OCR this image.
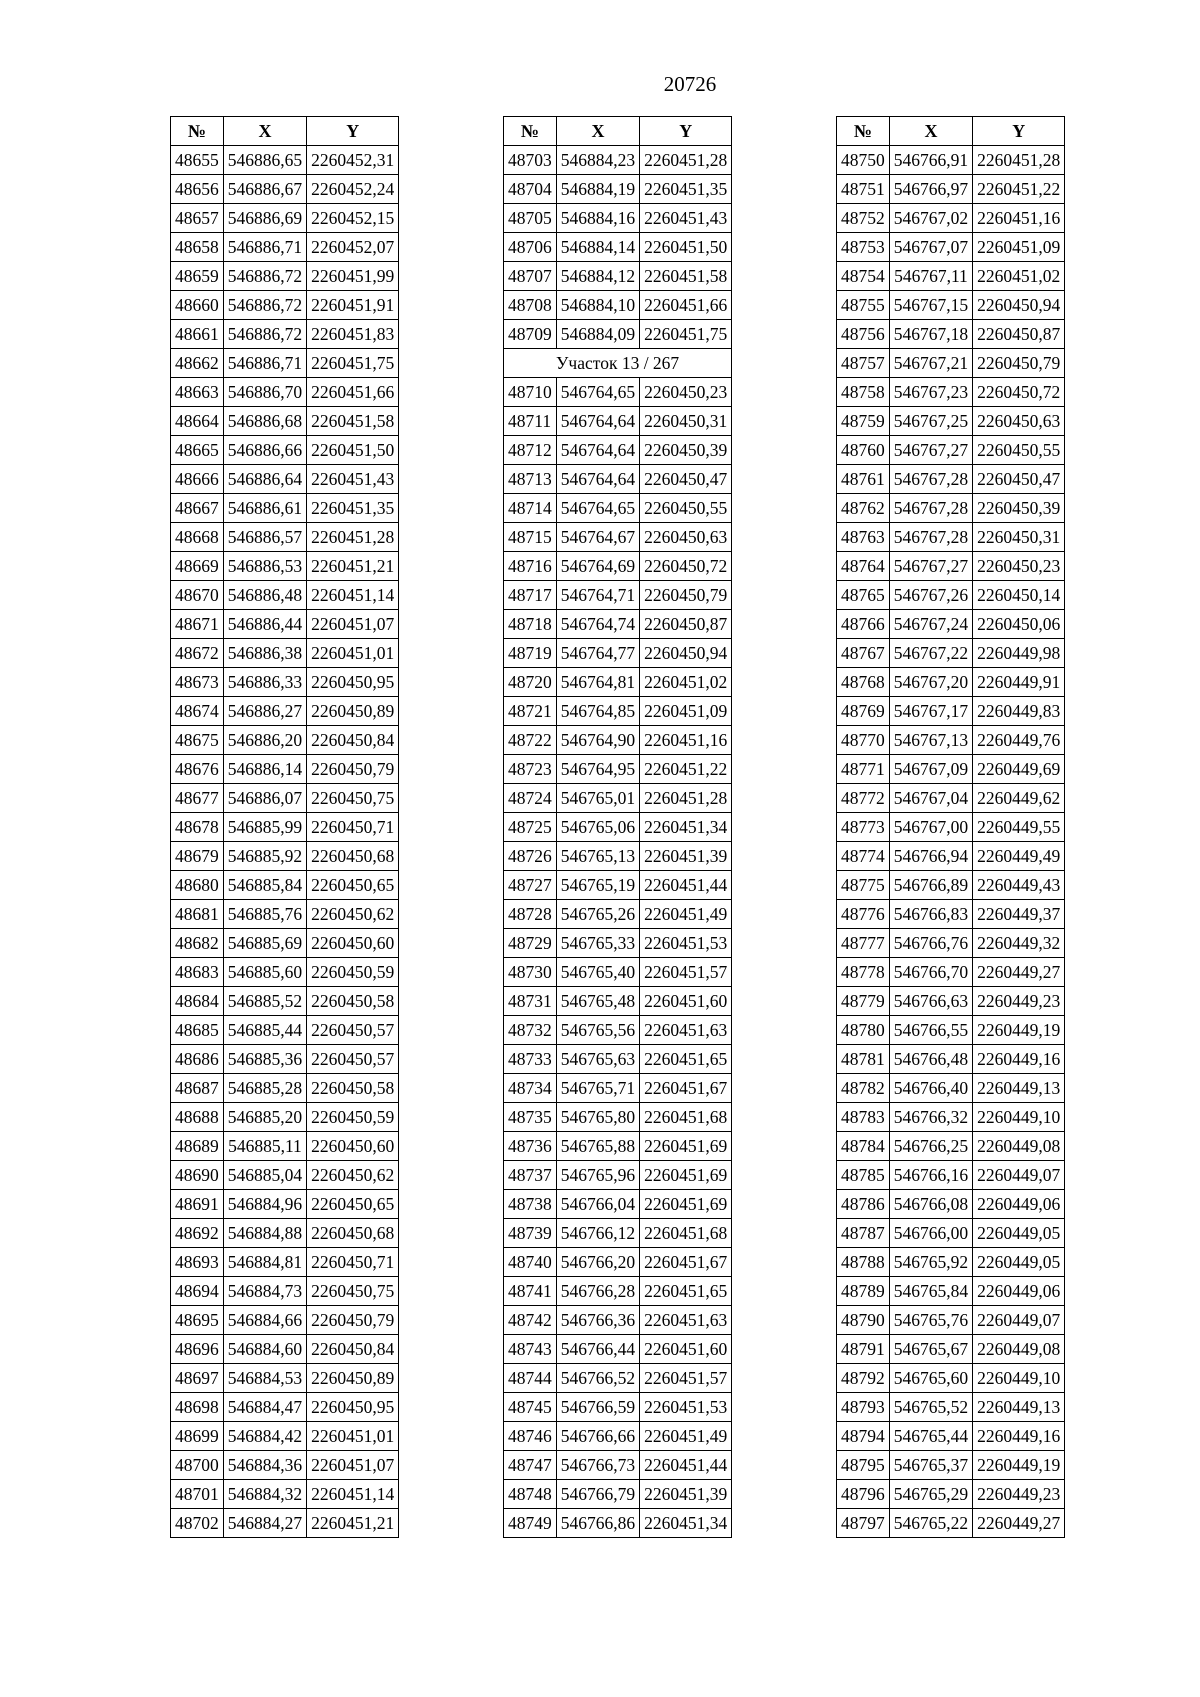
20726
№	X	Y
48655	546886,65	2260452,31
48656	546886,67	2260452,24
48657	546886,69	2260452,15
48658	546886,71	2260452,07
48659	546886,72	2260451,99
48660	546886,72	2260451,91
48661	546886,72	2260451,83
48662	546886,71	2260451,75
48663	546886,70	2260451,66
48664	546886,68	2260451,58
48665	546886,66	2260451,50
48666	546886,64	2260451,43
48667	546886,61	2260451,35
48668	546886,57	2260451,28
48669	546886,53	2260451,21
48670	546886,48	2260451,14
48671	546886,44	2260451,07
48672	546886,38	2260451,01
48673	546886,33	2260450,95
48674	546886,27	2260450,89
48675	546886,20	2260450,84
48676	546886,14	2260450,79
48677	546886,07	2260450,75
48678	546885,99	2260450,71
48679	546885,92	2260450,68
48680	546885,84	2260450,65
48681	546885,76	2260450,62
48682	546885,69	2260450,60
48683	546885,60	2260450,59
48684	546885,52	2260450,58
48685	546885,44	2260450,57
48686	546885,36	2260450,57
48687	546885,28	2260450,58
48688	546885,20	2260450,59
48689	546885,11	2260450,60
48690	546885,04	2260450,62
48691	546884,96	2260450,65
48692	546884,88	2260450,68
48693	546884,81	2260450,71
48694	546884,73	2260450,75
48695	546884,66	2260450,79
48696	546884,60	2260450,84
48697	546884,53	2260450,89
48698	546884,47	2260450,95
48699	546884,42	2260451,01
48700	546884,36	2260451,07
48701	546884,32	2260451,14
48702	546884,27	2260451,21
№	X	Y
48703	546884,23	2260451,28
48704	546884,19	2260451,35
48705	546884,16	2260451,43
48706	546884,14	2260451,50
48707	546884,12	2260451,58
48708	546884,10	2260451,66
48709	546884,09	2260451,75
Участок 13 / 267		
48710	546764,65	2260450,23
48711	546764,64	2260450,31
48712	546764,64	2260450,39
48713	546764,64	2260450,47
48714	546764,65	2260450,55
48715	546764,67	2260450,63
48716	546764,69	2260450,72
48717	546764,71	2260450,79
48718	546764,74	2260450,87
48719	546764,77	2260450,94
48720	546764,81	2260451,02
48721	546764,85	2260451,09
48722	546764,90	2260451,16
48723	546764,95	2260451,22
48724	546765,01	2260451,28
48725	546765,06	2260451,34
48726	546765,13	2260451,39
48727	546765,19	2260451,44
48728	546765,26	2260451,49
48729	546765,33	2260451,53
48730	546765,40	2260451,57
48731	546765,48	2260451,60
48732	546765,56	2260451,63
48733	546765,63	2260451,65
48734	546765,71	2260451,67
48735	546765,80	2260451,68
48736	546765,88	2260451,69
48737	546765,96	2260451,69
48738	546766,04	2260451,69
48739	546766,12	2260451,68
48740	546766,20	2260451,67
48741	546766,28	2260451,65
48742	546766,36	2260451,63
48743	546766,44	2260451,60
48744	546766,52	2260451,57
48745	546766,59	2260451,53
48746	546766,66	2260451,49
48747	546766,73	2260451,44
48748	546766,79	2260451,39
48749	546766,86	2260451,34
№	X	Y
48750	546766,91	2260451,28
48751	546766,97	2260451,22
48752	546767,02	2260451,16
48753	546767,07	2260451,09
48754	546767,11	2260451,02
48755	546767,15	2260450,94
48756	546767,18	2260450,87
48757	546767,21	2260450,79
48758	546767,23	2260450,72
48759	546767,25	2260450,63
48760	546767,27	2260450,55
48761	546767,28	2260450,47
48762	546767,28	2260450,39
48763	546767,28	2260450,31
48764	546767,27	2260450,23
48765	546767,26	2260450,14
48766	546767,24	2260450,06
48767	546767,22	2260449,98
48768	546767,20	2260449,91
48769	546767,17	2260449,83
48770	546767,13	2260449,76
48771	546767,09	2260449,69
48772	546767,04	2260449,62
48773	546767,00	2260449,55
48774	546766,94	2260449,49
48775	546766,89	2260449,43
48776	546766,83	2260449,37
48777	546766,76	2260449,32
48778	546766,70	2260449,27
48779	546766,63	2260449,23
48780	546766,55	2260449,19
48781	546766,48	2260449,16
48782	546766,40	2260449,13
48783	546766,32	2260449,10
48784	546766,25	2260449,08
48785	546766,16	2260449,07
48786	546766,08	2260449,06
48787	546766,00	2260449,05
48788	546765,92	2260449,05
48789	546765,84	2260449,06
48790	546765,76	2260449,07
48791	546765,67	2260449,08
48792	546765,60	2260449,10
48793	546765,52	2260449,13
48794	546765,44	2260449,16
48795	546765,37	2260449,19
48796	546765,29	2260449,23
48797	546765,22	2260449,27
